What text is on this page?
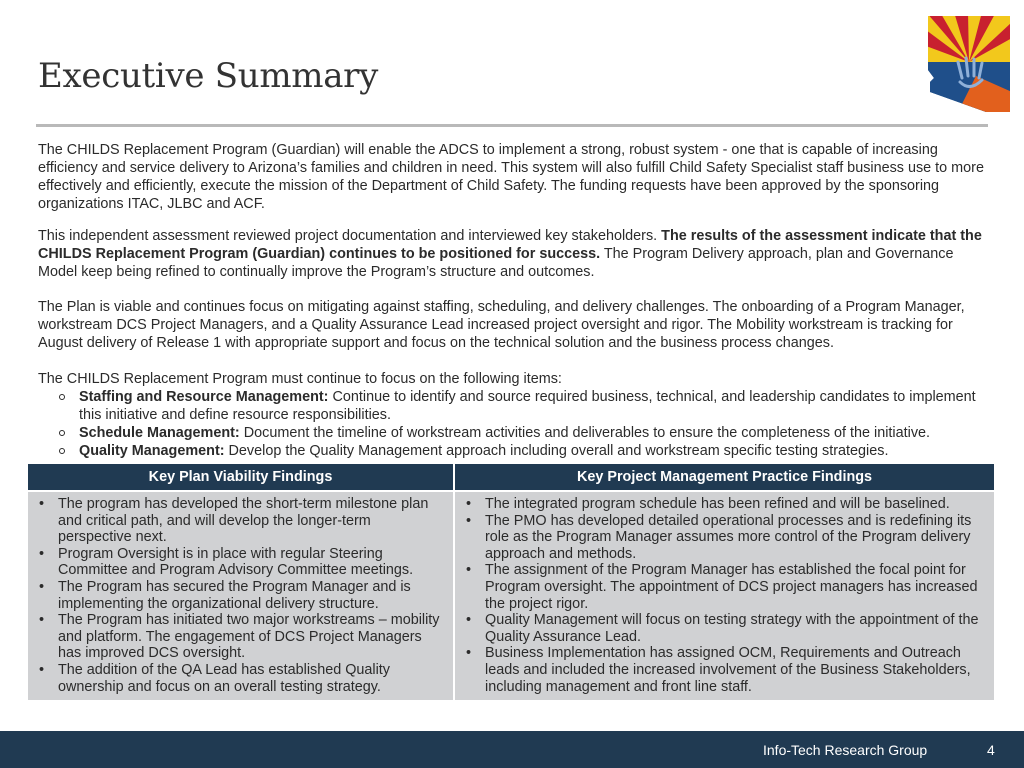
Executive Summary
The CHILDS Replacement Program (Guardian) will enable the ADCS to implement a strong, robust system - one that is capable of increasing efficiency and service delivery to Arizona’s families and children in need. This system will also fulfill Child Safety Specialist staff business use to more effectively and efficiently, execute the mission of the Department of Child Safety. The funding requests have been approved by the sponsoring organizations ITAC, JLBC and ACF.
This independent assessment reviewed project documentation and interviewed key stakeholders. The results of the assessment indicate that the CHILDS Replacement Program (Guardian) continues to be positioned for success. The Program Delivery approach, plan and Governance Model keep being refined to continually improve the Program’s structure and outcomes.
The Plan is viable and continues focus on mitigating against staffing, scheduling, and delivery challenges. The onboarding of a Program Manager, workstream DCS Project Managers, and a Quality Assurance Lead increased project oversight and rigor. The Mobility workstream is tracking for August delivery of Release 1 with appropriate support and focus on the technical solution and the business process changes.
The CHILDS Replacement Program must continue to focus on the following items:
Staffing and Resource Management: Continue to identify and source required business, technical, and leadership candidates to implement this initiative and define resource responsibilities.
Schedule Management: Document the timeline of workstream activities and deliverables to ensure the completeness of the initiative.
Quality Management: Develop the Quality Management approach including overall and workstream specific testing strategies.
Key Plan Viability Findings	Key Project Management Practice Findings
• The program has developed the short-term milestone plan and critical path, and will develop the longer-term perspective next.
• Program Oversight is in place with regular Steering Committee and Program Advisory Committee meetings.
• The Program has secured the Program Manager and is implementing the organizational delivery structure.
• The Program has initiated two major workstreams – mobility and platform. The engagement of DCS Project Managers has improved DCS oversight.
• The addition of the QA Lead has established Quality ownership and focus on an overall testing strategy.
• The integrated program schedule has been refined and will be baselined.
• The PMO has developed detailed operational processes and is redefining its role as the Program Manager assumes more control of the Program delivery approach and methods.
• The assignment of the Program Manager has established the focal point for Program oversight. The appointment of DCS project managers has increased the project rigor.
• Quality Management will focus on testing strategy with the appointment of the Quality Assurance Lead.
• Business Implementation has assigned OCM, Requirements and Outreach leads and included the increased involvement of the Business Stakeholders, including management and front line staff.
Info-Tech Research Group	4
